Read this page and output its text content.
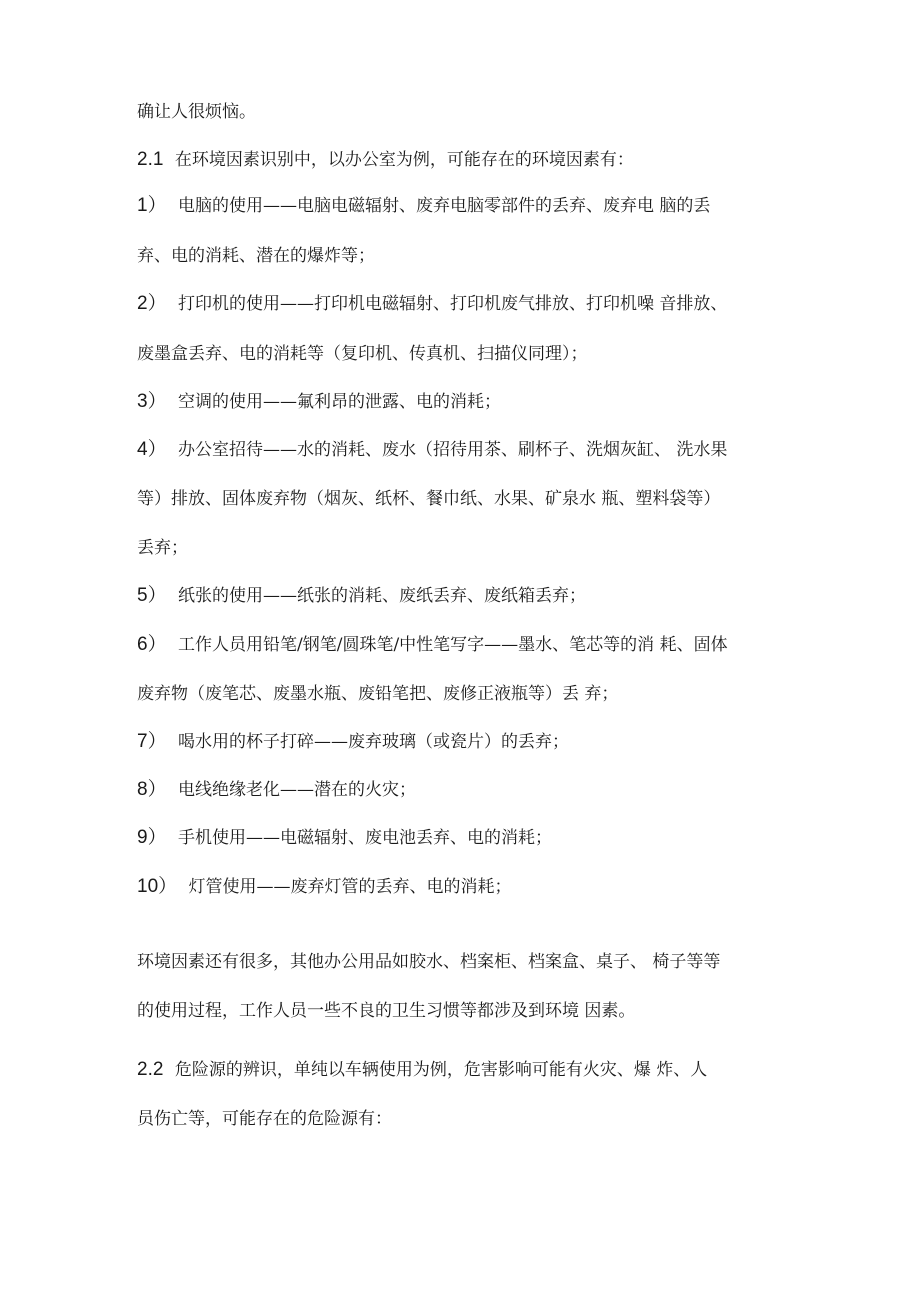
确让人很烦恼。
2.1 在环境因素识别中，以办公室为例，可能存在的环境因素有：
1） 电脑的使用——电脑电磁辐射、废弃电脑零部件的丢弃、废弃电 脑的丢
弃、电的消耗、潜在的爆炸等；
2） 打印机的使用——打印机电磁辐射、打印机废气排放、打印机噪 音排放、
废墨盒丢弃、电的消耗等（复印机、传真机、扫描仪同理）；
3） 空调的使用——氟利昂的泄露、电的消耗；
4） 办公室招待——水的消耗、废水（招待用茶、刷杯子、洗烟灰缸、 洗水果
等）排放、固体废弃物（烟灰、纸杯、餐巾纸、水果、矿泉水 瓶、塑料袋等）
丢弃；
5） 纸张的使用——纸张的消耗、废纸丢弃、废纸箱丢弃；
6） 工作人员用铅笔/钢笔/圆珠笔/中性笔写字——墨水、笔芯等的消 耗、固体
废弃物（废笔芯、废墨水瓶、废铅笔把、废修正液瓶等）丢 弃；
7） 喝水用的杯子打碎——废弃玻璃（或瓷片）的丢弃；
8） 电线绝缘老化——潜在的火灾；
9） 手机使用——电磁辐射、废电池丢弃、电的消耗；
10） 灯管使用——废弃灯管的丢弃、电的消耗；
环境因素还有很多，其他办公用品如胶水、档案柜、档案盒、桌子、 椅子等等
的使用过程，工作人员一些不良的卫生习惯等都涉及到环境 因素。
2.2 危险源的辨识，单纯以车辆使用为例，危害影响可能有火灾、爆 炸、人
员伤亡等，可能存在的危险源有：
